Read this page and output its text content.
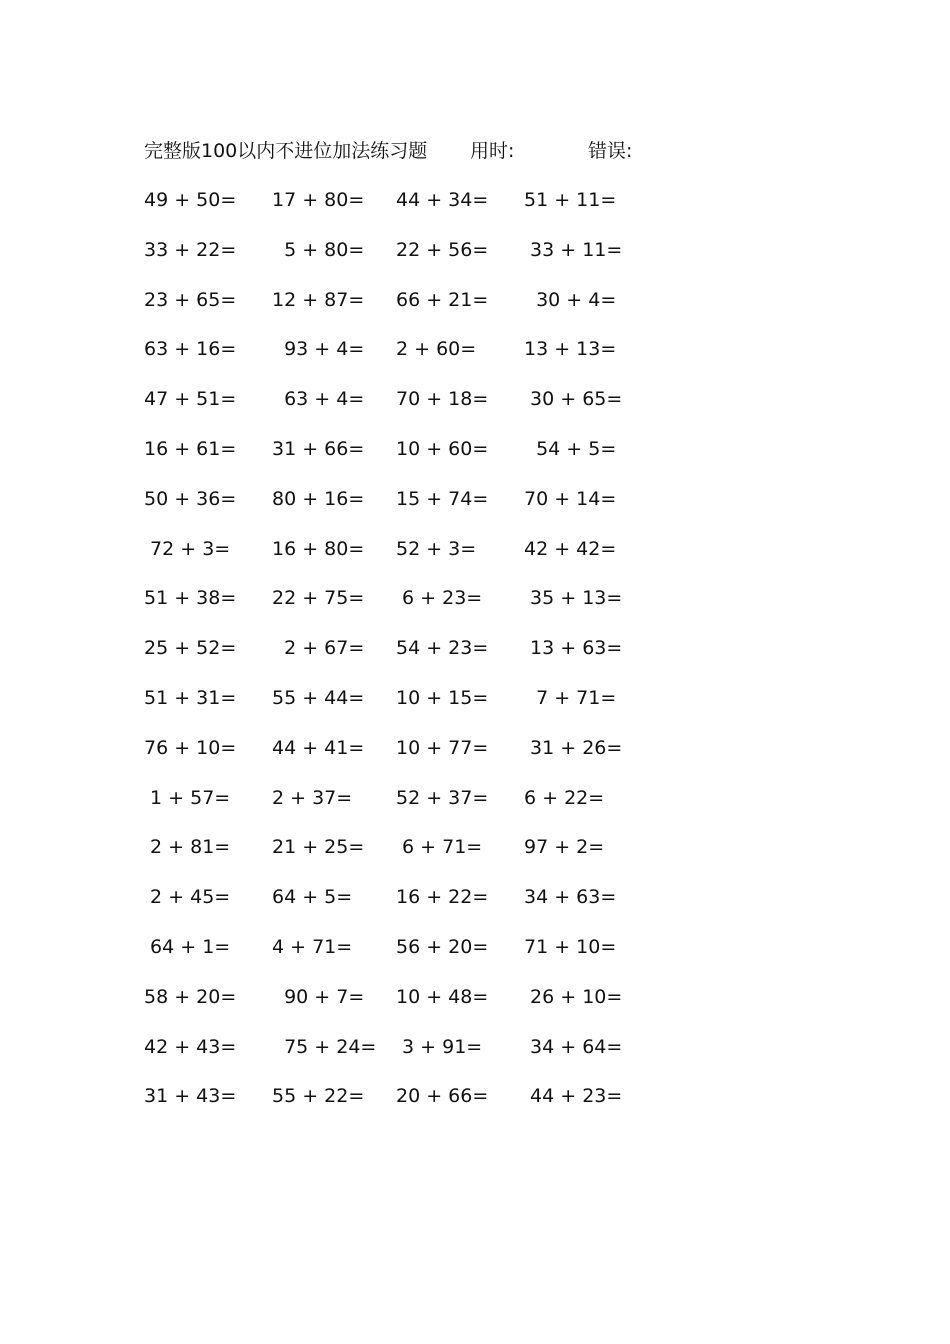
完整版100以内不进位加法练习题 用时:	错误:
49 + 50= 17 + 80= 44 + 34= 51 + 11=
33 + 22= 5 + 80= 22 + 56= 33 + 11=
23 + 65= 12 + 87= 66 + 21= 30 + 4=
63 + 16= 93 + 4= 2 + 60=	13 + 13=
47 + 51= 63 + 4= 70 + 18= 30 + 65=
16 + 61= 31 + 66= 10 + 60= 54 + 5=
50 + 36= 80 + 16= 15 + 74= 70 + 14=
72 + 3= 16 + 80= 52 + 3=	42 + 42=
51 + 38= 22 + 75= 6 + 23= 35 + 13=
25 + 52= 2 + 67= 54 + 23= 13 + 63=
51 + 31= 55 + 44= 10 + 15= 7 + 71=
76 + 10= 44 + 41= 10 + 77= 31 + 26=
1 + 57= 2 + 37= 52 + 37= 6 + 22=
2 + 81= 21 + 25= 6 + 71= 97 + 2=
2 + 45= 64 + 5= 16 + 22= 34 + 63=
64 + 1= 4 + 71= 56 + 20= 71 + 10=
58 + 20= 90 + 7= 10 + 48= 26 + 10=
42 + 43= 75 + 24= 3 + 91= 34 + 64=
31 + 43= 55 + 22= 20 + 66= 44 + 23=
